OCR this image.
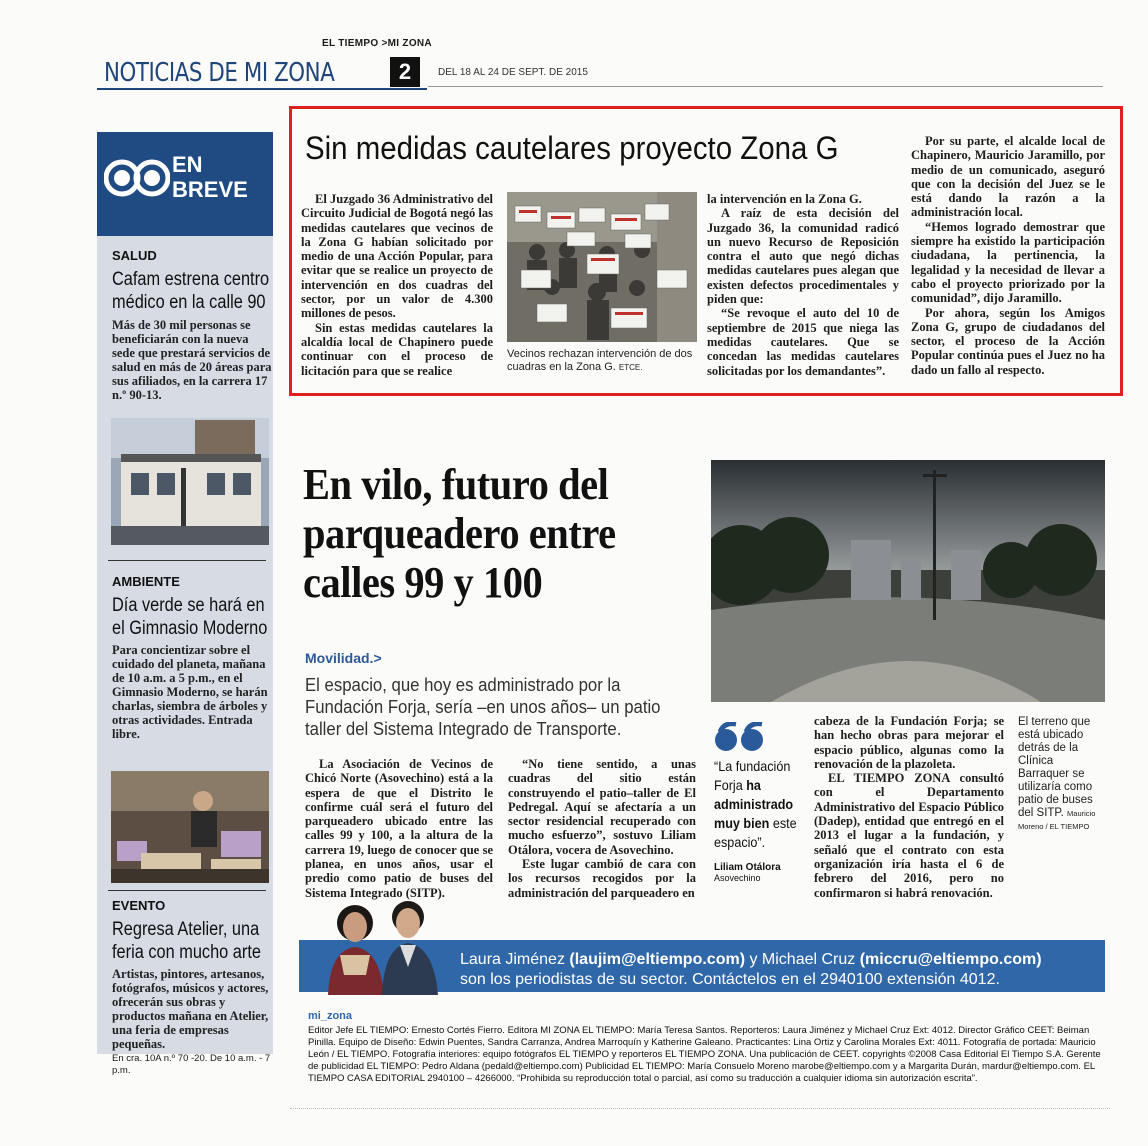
EL TIEMPO >MI ZONA
NOTICIAS DE MI ZONA	2	DEL 18 AL 24 DE SEPT. DE 2015
EN BREVE
SALUD
Cafam estrena centro médico en la calle 90
Más de 30 mil personas se beneficiarán con la nueva sede que prestará servicios de salud en más de 20 áreas para sus afiliados, en la carrera 17 n.º 90-13.
AMBIENTE
Día verde se hará en el Gimnasio Moderno
Para concientizar sobre el cuidado del planeta, mañana de 10 a.m. a 5 p.m., en el Gimnasio Moderno, se harán charlas, siembra de árboles y otras actividades. Entrada libre.
EVENTO
Regresa Atelier, una feria con mucho arte
Artistas, pintores, artesanos, fotógrafos, músicos y actores, ofrecerán sus obras y productos mañana en Atelier, una feria de empresas pequeñas.
En cra. 10A n.º 70 -20. De 10 a.m. - 7 p.m.
Sin medidas cautelares proyecto Zona G

El Juzgado 36 Administrativo del Circuito Judicial de Bogotá negó las medidas cautelares que vecinos de la Zona G habían solicitado por medio de una Acción Popular, para evitar que se realice un proyecto de intervención en dos cuadras del sector, por un valor de 4.300 millones de pesos.

Sin estas medidas cautelares la alcaldía local de Chapinero puede continuar con el proceso de licitación para que se realice

Vecinos rechazan intervención de dos cuadras en la Zona G. ETCE.

la intervención en la Zona G.

A raíz de esta decisión del Juzgado 36, la comunidad radicó un nuevo Recurso de Reposición contra el auto que negó dichas medidas cautelares pues alegan que existen defectos procedimentales y piden que:

“Se revoque el auto del 10 de septiembre de 2015 que niega las medidas cautelares. Que se concedan las medidas cautelares solicitadas por los demandantes”.

Por su parte, el alcalde local de Chapinero, Mauricio Jaramillo, por medio de un comunicado, aseguró que con la decisión del Juez se le está dando la razón a la administración local.

“Hemos logrado demostrar que siempre ha existido la participación ciudadana, la pertinencia, la legalidad y la necesidad de llevar a cabo el proyecto priorizado por la comunidad”, dijo Jaramillo.

Por ahora, según los Amigos Zona G, grupo de ciudadanos del sector, el proceso de la Acción Popular continúa pues el Juez no ha dado un fallo al respecto.

En vilo, futuro del parqueadero entre calles 99 y 100
Movilidad.>
El espacio, que hoy es administrado por la Fundación Forja, sería –en unos años– un patio taller del Sistema Integrado de Transporte.	El terreno que está ubicado detrás de la Clínica Barraquer se utilizaría como patio de buses del SITP. Mauricio Moreno / EL TIEMPO

La Asociación de Vecinos de Chicó Norte (Asovechino) está a la espera de que el Distrito le confirme cuál será el futuro del parqueadero ubicado entre las calles 99 y 100, a la altura de la carrera 19, luego de conocer que se planea, en unos años, usar el predio como patio de buses del Sistema Integrado (SITP).

“No tiene sentido, a unas cuadras del sitio están construyendo el patio–taller de El Pedregal. Aquí se afectaría a un sector residencial recuperado con mucho esfuerzo”, sostuvo Liliam Otálora, vocera de Asovechino.

Este lugar cambió de cara con los recursos recogidos por la administración del parqueadero en

“La fundación Forja ha administrado muy bien este espacio”.
Liliam Otálora
Asovechino

cabeza de la Fundación Forja; se han hecho obras para mejorar el espacio público, algunas como la renovación de la plazoleta.

EL TIEMPO ZONA consultó con el Departamento Administrativo del Espacio Público (Dadep), entidad que entregó en el 2013 el lugar a la fundación, y señaló que el contrato con esta organización iría hasta el 6 de febrero del 2016, pero no confirmaron si habrá renovación.

Laura Jiménez (laujim@eltiempo.com) y Michael Cruz (miccru@eltiempo.com)
son los periodistas de su sector. Contáctelos en el 2940100 extensión 4012.
mi_zona
Editor Jefe EL TIEMPO: Ernesto Cortés Fierro. Editora MI ZONA EL TIEMPO: María Teresa Santos. Reporteros: Laura Jiménez y Michael Cruz Ext: 4012. Director Gráfico CEET: Beiman Pinilla. Equipo de Diseño: Edwin Puentes, Sandra Carranza, Andrea Marroquín y Katherine Galeano. Practicantes: Lina Ortiz y Carolina Morales Ext: 4011. Fotografía de portada: Mauricio León / EL TIEMPO. Fotografía interiores: equipo fotógrafos EL TIEMPO y reporteros EL TIEMPO ZONA. Una publicación de CEET. copyrights ©2008 Casa Editorial El Tiempo S.A. Gerente de publicidad EL TIEMPO: Pedro Aldana (pedald@eltiempo.com) Publicidad EL TIEMPO: María Consuelo Moreno marobe@eltiempo.com y a Margarita Durán, mardur@eltiempo.com. EL TIEMPO CASA EDITORIAL 2940100 – 4266000. “Prohibida su reproducción total o parcial, así como su traducción a cualquier idioma sin autorización escrita”.
